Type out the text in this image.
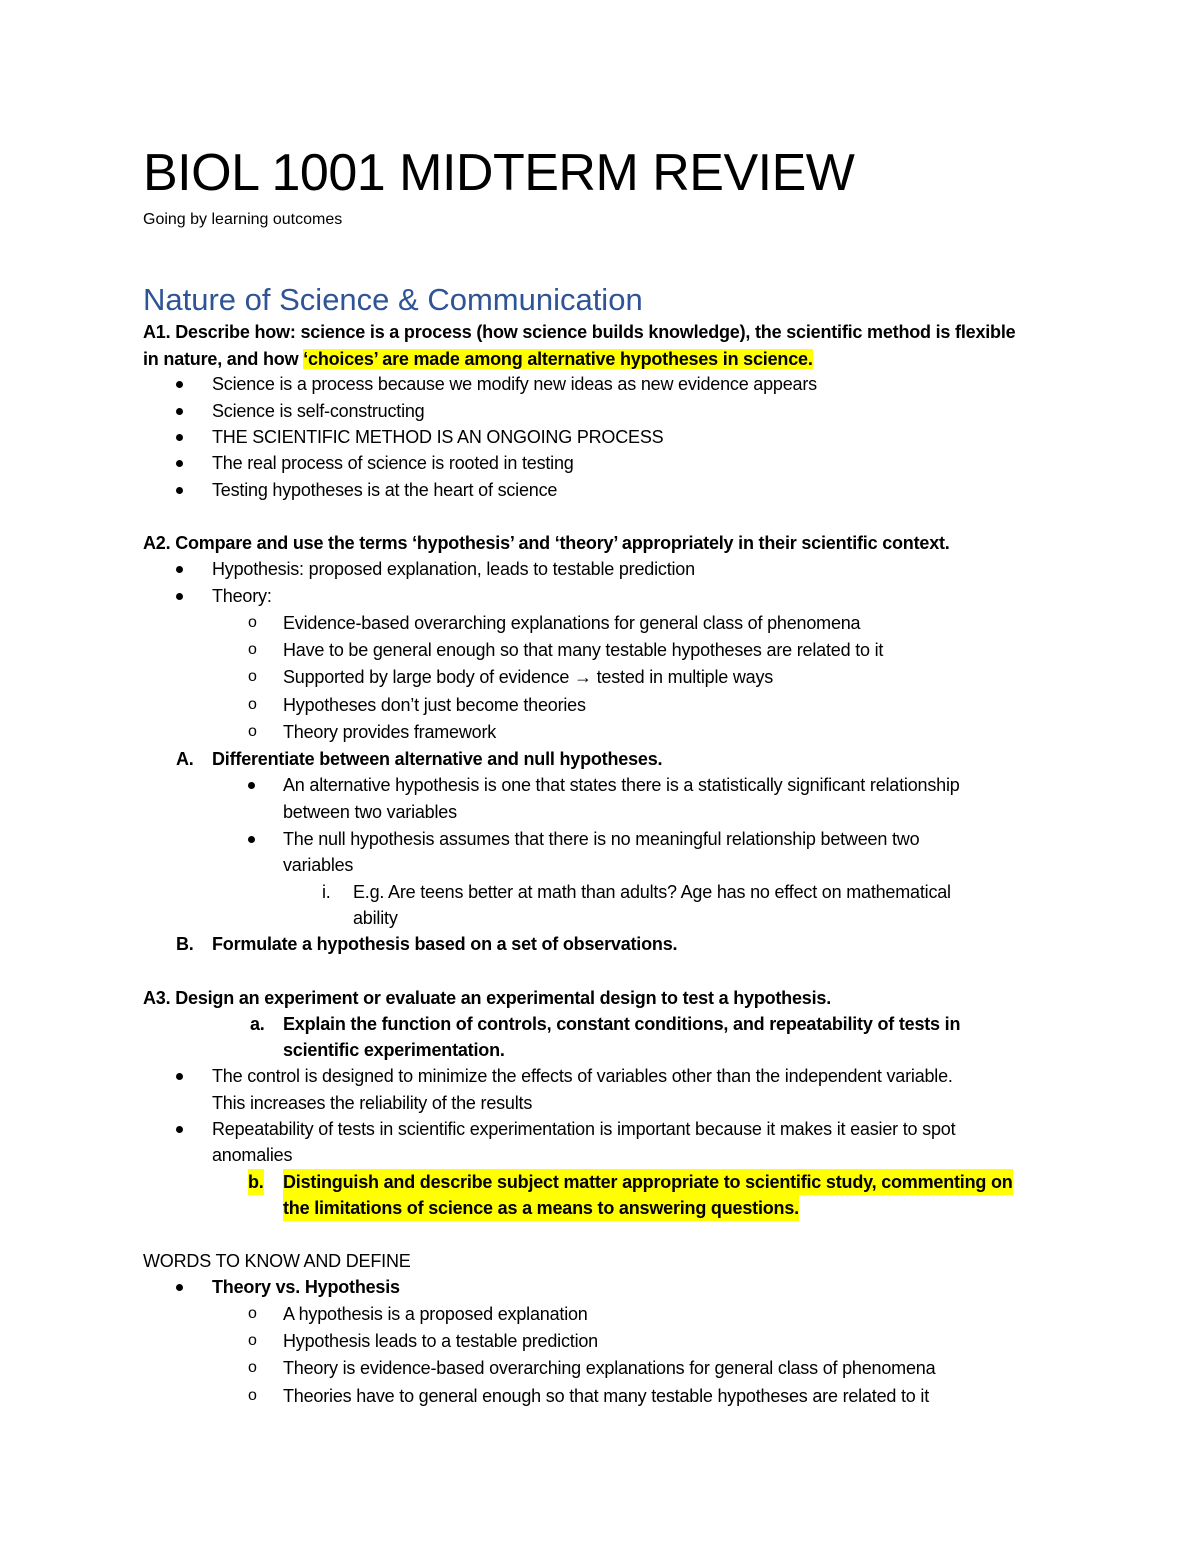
BIOL 1001 MIDTERM REVIEW
Going by learning outcomes
Nature of Science & Communication
A1. Describe how: science is a process (how science builds knowledge), the scientific method is flexible
in nature, and how ‘choices’ are made among alternative hypotheses in science.
Science is a process because we modify new ideas as new evidence appears
Science is self-constructing
THE SCIENTIFIC METHOD IS AN ONGOING PROCESS
The real process of science is rooted in testing
Testing hypotheses is at the heart of science
A2. Compare and use the terms ‘hypothesis’ and ‘theory’ appropriately in their scientific context.
Hypothesis: proposed explanation, leads to testable prediction
Theory:
o Evidence-based overarching explanations for general class of phenomena
o Have to be general enough so that many testable hypotheses are related to it
o Supported by large body of evidence → tested in multiple ways
o Hypotheses don’t just become theories
o Theory provides framework
A. Differentiate between alternative and null hypotheses.
An alternative hypothesis is one that states there is a statistically significant relationship
between two variables
The null hypothesis assumes that there is no meaningful relationship between two
variables
i. E.g. Are teens better at math than adults? Age has no effect on mathematical
ability
B. Formulate a hypothesis based on a set of observations.
A3. Design an experiment or evaluate an experimental design to test a hypothesis.
a. Explain the function of controls, constant conditions, and repeatability of tests in
scientific experimentation.
The control is designed to minimize the effects of variables other than the independent variable.
This increases the reliability of the results
Repeatability of tests in scientific experimentation is important because it makes it easier to spot
anomalies
b. Distinguish and describe subject matter appropriate to scientific study, commenting on
the limitations of science as a means to answering questions.
WORDS TO KNOW AND DEFINE
Theory vs. Hypothesis
o A hypothesis is a proposed explanation
o Hypothesis leads to a testable prediction
o Theory is evidence-based overarching explanations for general class of phenomena
o Theories have to general enough so that many testable hypotheses are related to it
